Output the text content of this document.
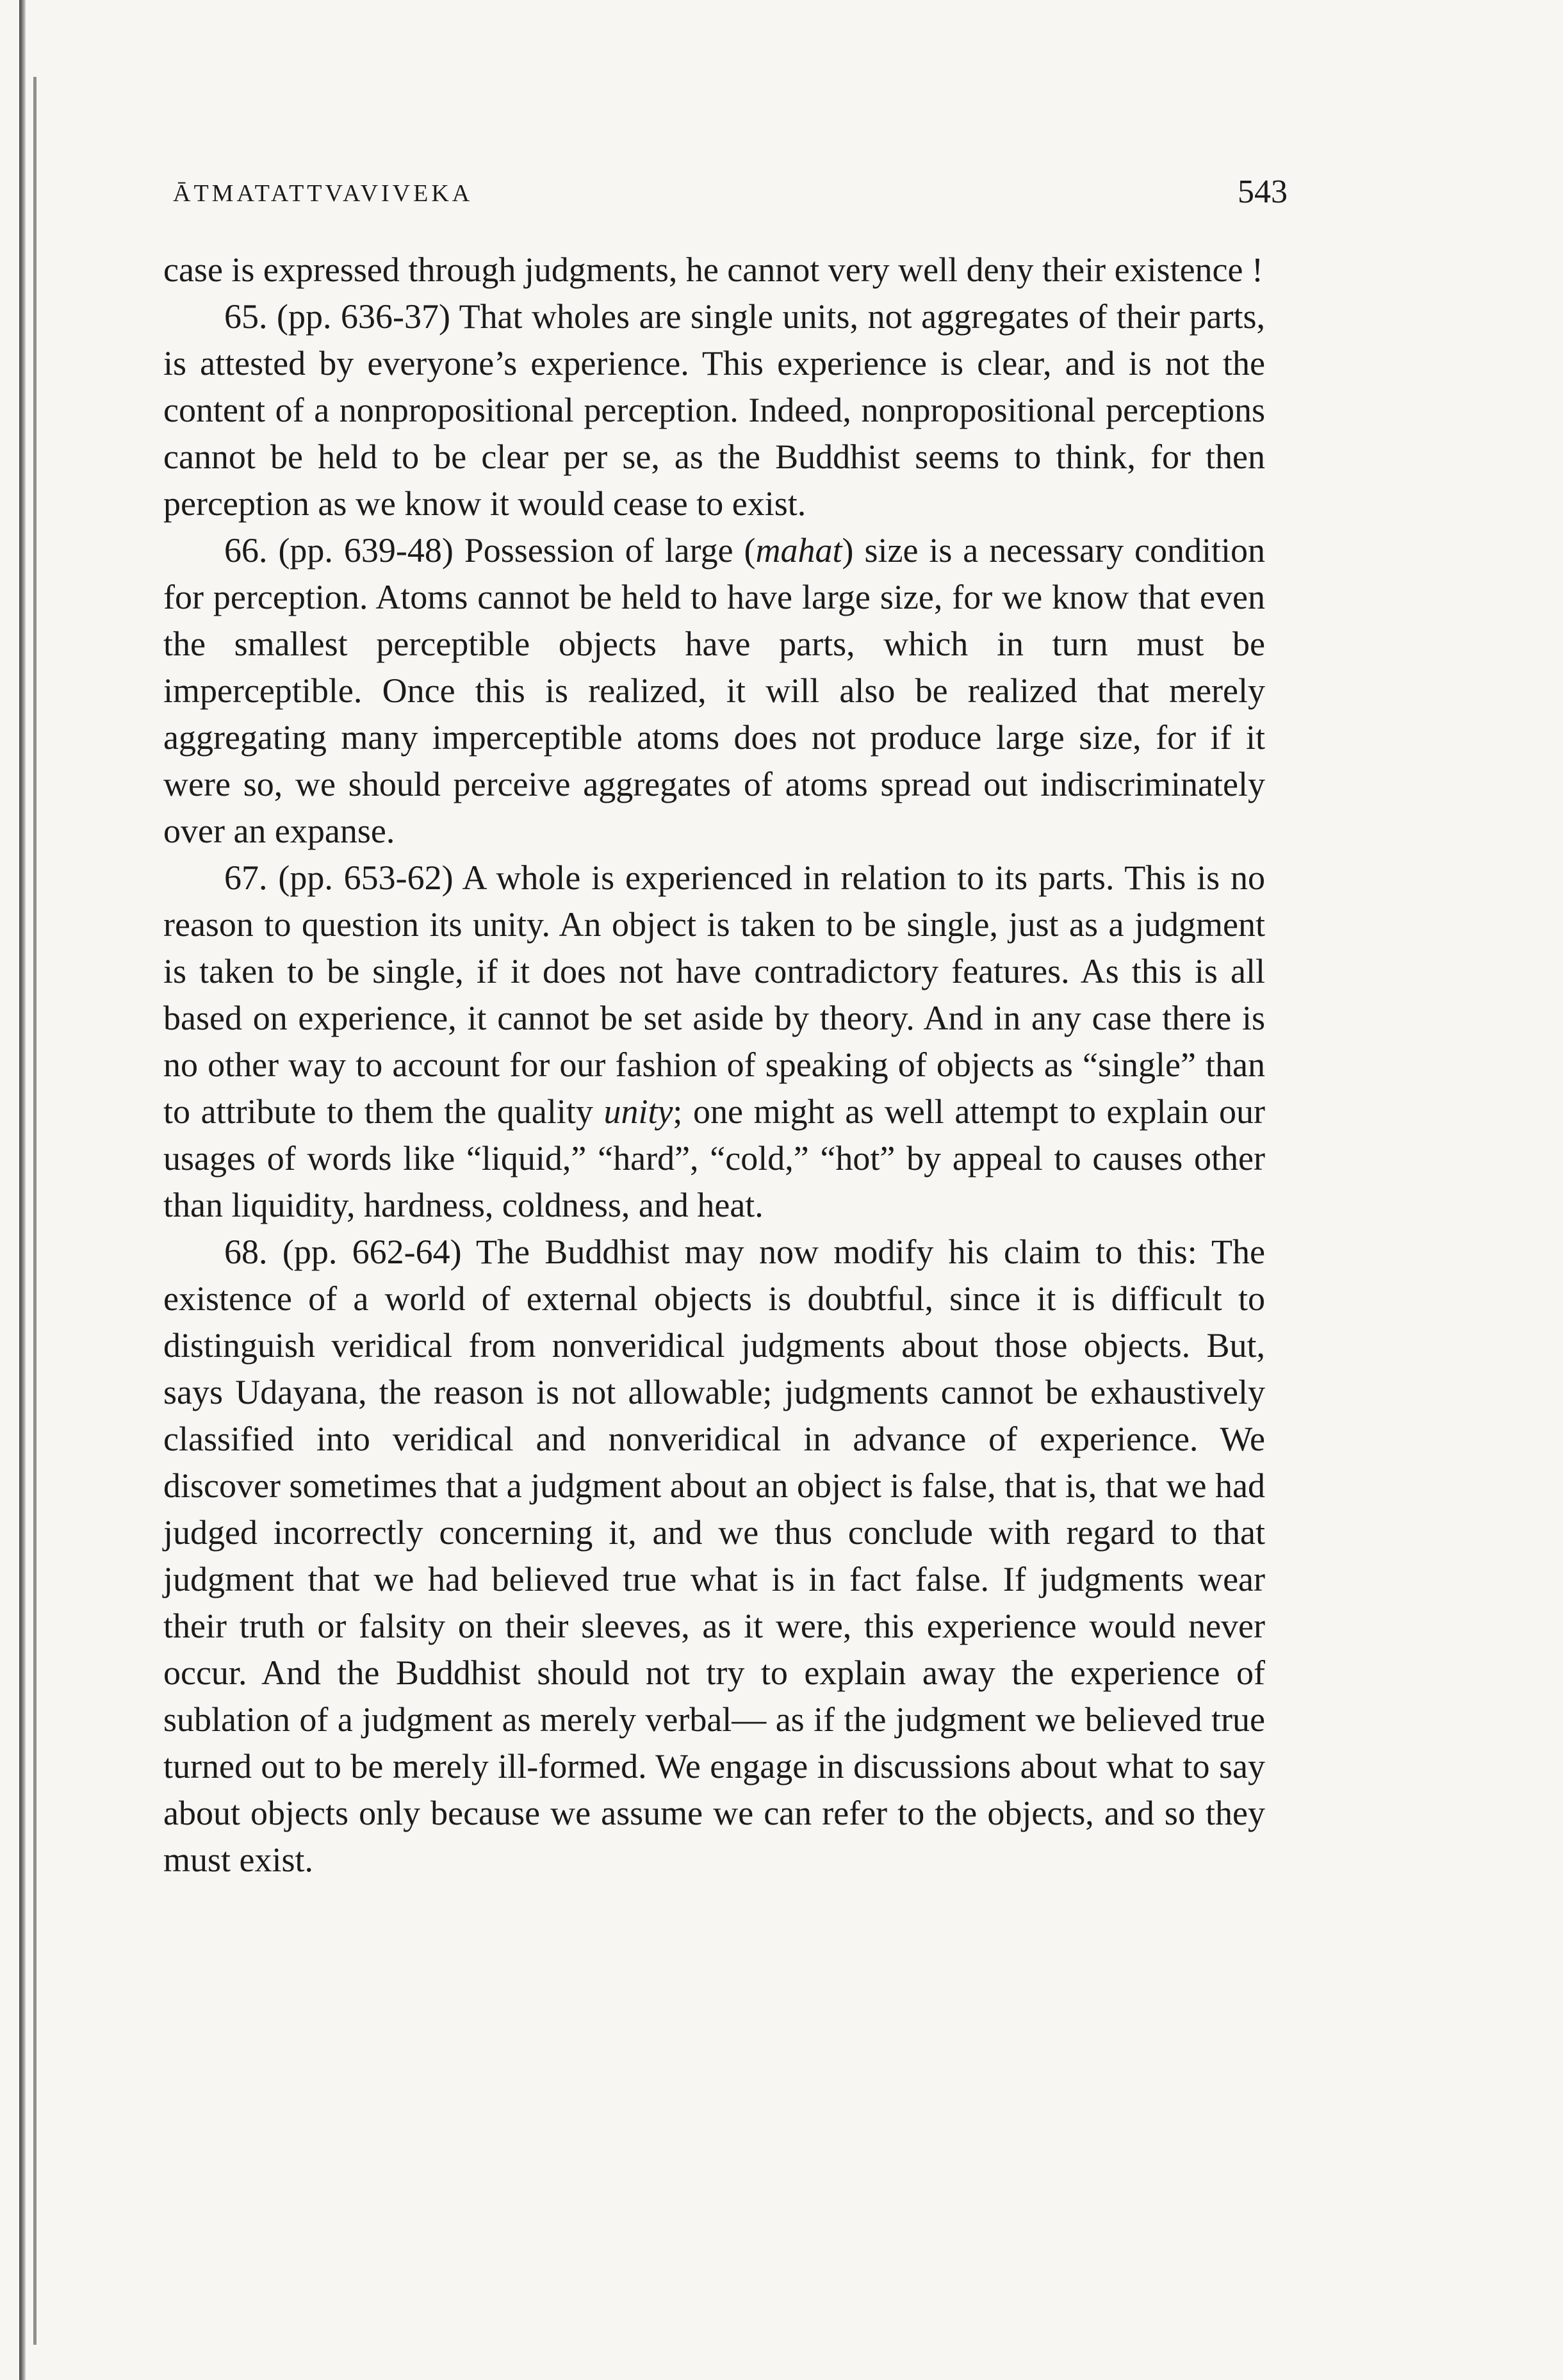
ĀTMATATTVAVIVEKA	543

case is expressed through judgments, he cannot very well deny their existence !

65. (pp. 636-37) That wholes are single units, not aggregates of their parts, is attested by everyone’s experience. This experience is clear, and is not the content of a nonpropositional perception. Indeed, nonpropositional perceptions cannot be held to be clear per se, as the Buddhist seems to think, for then perception as we know it would cease to exist.

66. (pp. 639-48) Possession of large (mahat) size is a necessary condition for perception. Atoms cannot be held to have large size, for we know that even the smallest perceptible objects have parts, which in turn must be imperceptible. Once this is realized, it will also be realized that merely aggregating many imperceptible atoms does not produce large size, for if it were so, we should perceive aggregates of atoms spread out indiscriminately over an expanse.

67. (pp. 653-62) A whole is experienced in relation to its parts. This is no reason to question its unity. An object is taken to be single, just as a judgment is taken to be single, if it does not have contradictory features. As this is all based on experience, it cannot be set aside by theory. And in any case there is no other way to account for our fashion of speaking of objects as “single” than to attribute to them the quality unity; one might as well attempt to explain our usages of words like “liquid,” “hard”, “cold,” “hot” by appeal to causes other than liquidity, hardness, coldness, and heat.

68. (pp. 662-64) The Buddhist may now modify his claim to this: The existence of a world of external objects is doubtful, since it is difficult to distinguish veridical from nonveridical judgments about those objects. But, says Udayana, the reason is not allowable; judgments cannot be exhaustively classified into veridical and nonveridical in advance of experience. We discover sometimes that a judgment about an object is false, that is, that we had judged incorrectly concerning it, and we thus conclude with regard to that judgment that we had believed true what is in fact false. If judgments wear their truth or falsity on their sleeves, as it were, this experience would never occur. And the Buddhist should not try to explain away the experience of sublation of a judgment as merely verbal— as if the judgment we believed true turned out to be merely ill-formed. We engage in discussions about what to say about objects only because we assume we can refer to the objects, and so they must exist.
